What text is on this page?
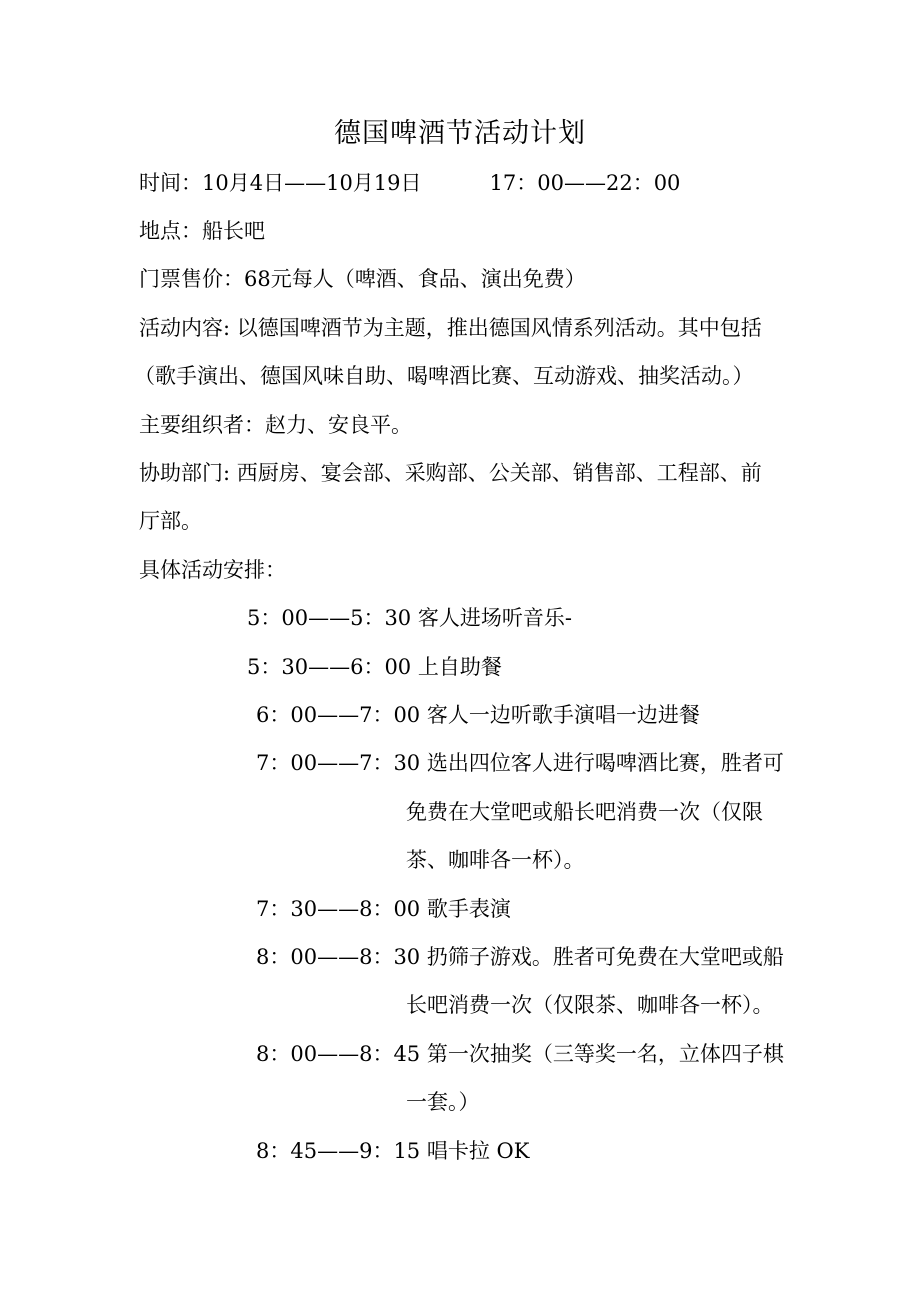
德国啤酒节活动计划
时间：10月4日——10月19日	17：00——22：00
地点：船长吧
门票售价：68元每人（啤酒、食品、演出免费）
活动内容: 以德国啤酒节为主题，推出德国风情系列活动。其中包括
（歌手演出、德国风味自助、喝啤酒比赛、互动游戏、抽奖活动。）
主要组织者：赵力、安良平。
协助部门: 西厨房、宴会部、采购部、公关部、销售部、工程部、前
厅部。
具体活动安排：
5：00——5：30 客人进场听音乐-
5：30——6：00 上自助餐
6：00——7：00 客人一边听歌手演唱一边进餐
7：00——7：30 选出四位客人进行喝啤酒比赛，胜者可
免费在大堂吧或船长吧消费一次（仅限
茶、咖啡各一杯）。
7：30——8：00 歌手表演
8：00——8：30 扔筛子游戏。胜者可免费在大堂吧或船
长吧消费一次（仅限茶、咖啡各一杯）。
8：00——8：45 第一次抽奖（三等奖一名，立体四子棋
一套。）
8：45——9：15 唱卡拉 OK
